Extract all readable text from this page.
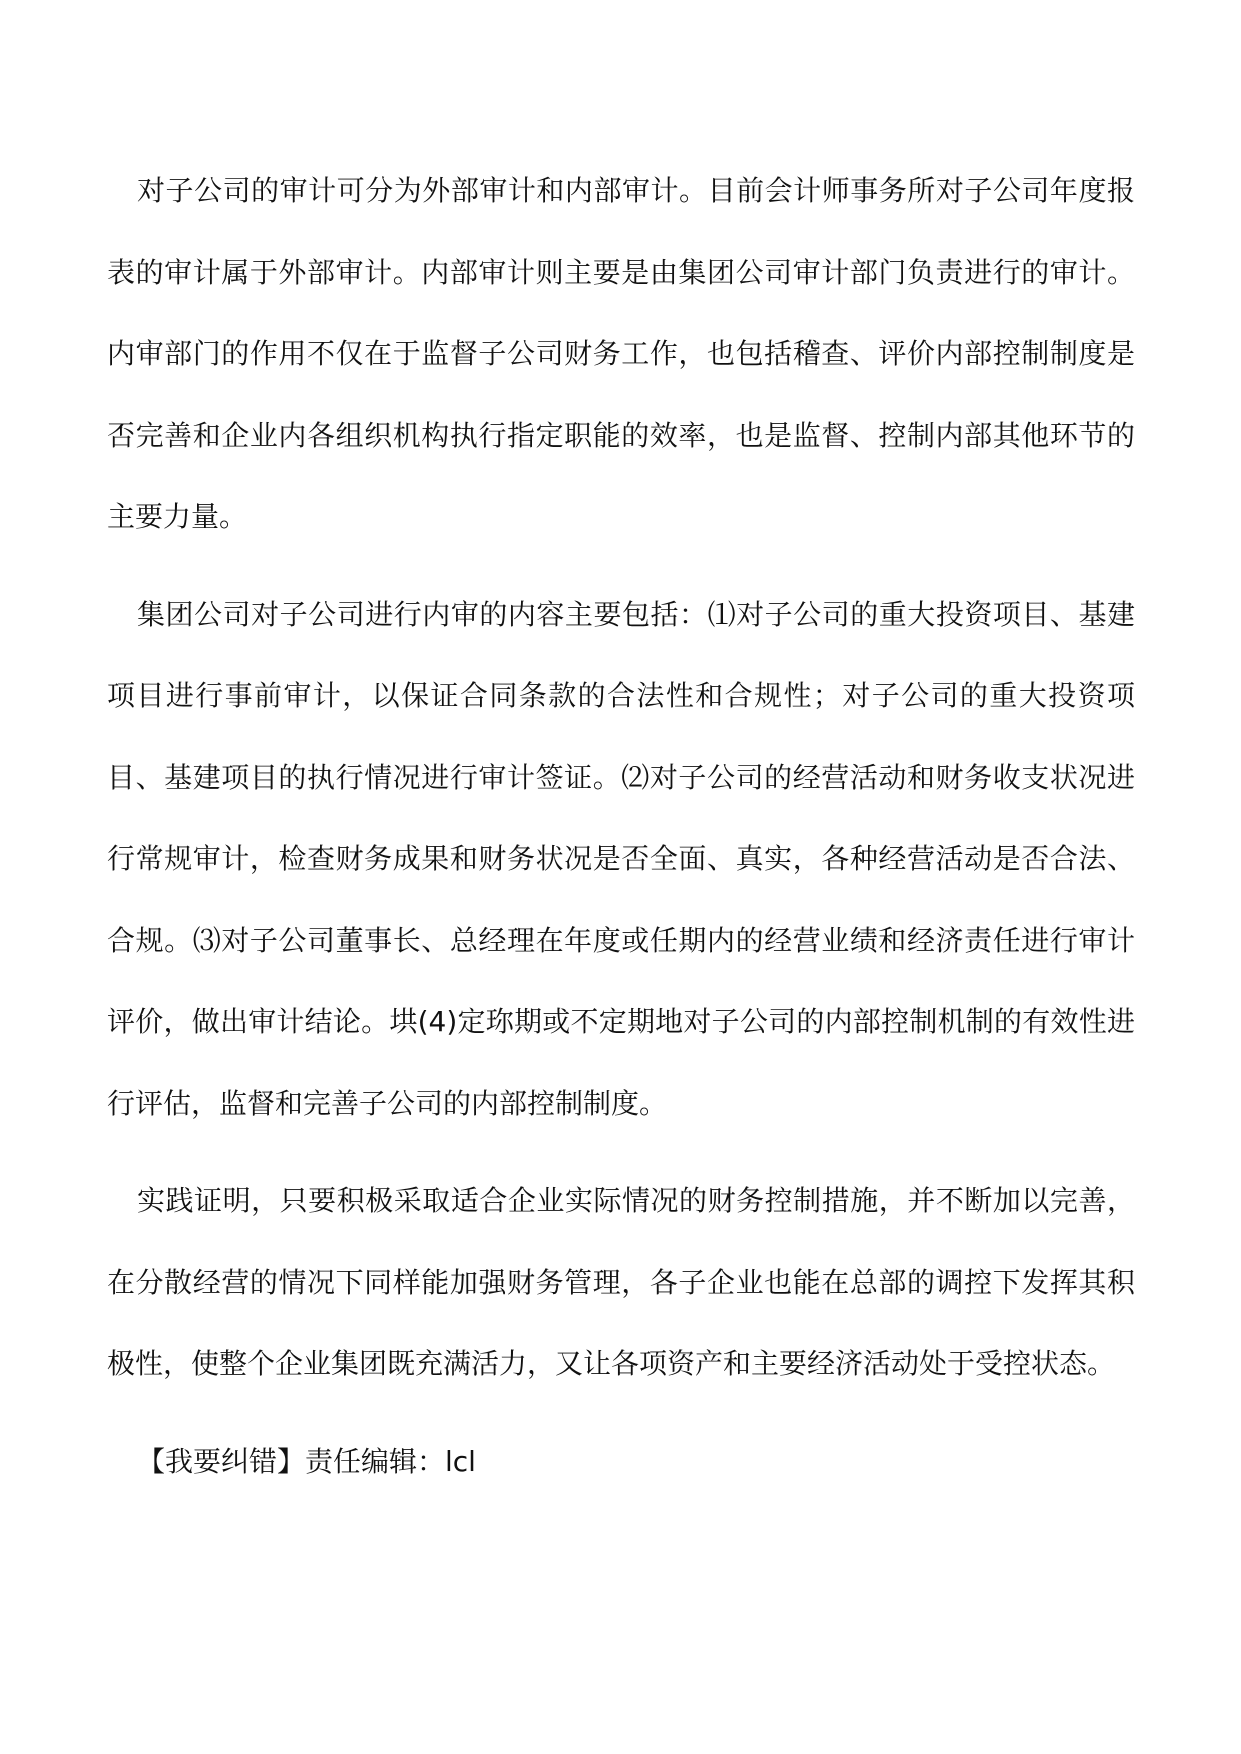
对子公司的审计可分为外部审计和内部审计。目前会计师事务所对子公司年度报表的审计属于外部审计。内部审计则主要是由集团公司审计部门负责进行的审计。内审部门的作用不仅在于监督子公司财务工作，也包括稽查、评价内部控制制度是否完善和企业内各组织机构执行指定职能的效率，也是监督、控制内部其他环节的主要力量。

集团公司对子公司进行内审的内容主要包括：⑴对子公司的重大投资项目、基建项目进行事前审计，以保证合同条款的合法性和合规性；对子公司的重大投资项目、基建项目的执行情况进行审计签证。⑵对子公司的经营活动和财务收支状况进行常规审计，检查财务成果和财务状况是否全面、真实，各种经营活动是否合法、合规。⑶对子公司董事长、总经理在年度或任期内的经营业绩和经济责任进行审计评价，做出审计结论。垬(4)定珎期或不定期地对子公司的内部控制机制的有效性进行评估，监督和完善子公司的内部控制制度。

实践证明，只要积极采取适合企业实际情况的财务控制措施，并不断加以完善，在分散经营的情况下同样能加强财务管理，各子企业也能在总部的调控下发挥其积极性，使整个企业集团既充满活力，又让各项资产和主要经济活动处于受控状态。

【我要纠错】责任编辑：lcl
